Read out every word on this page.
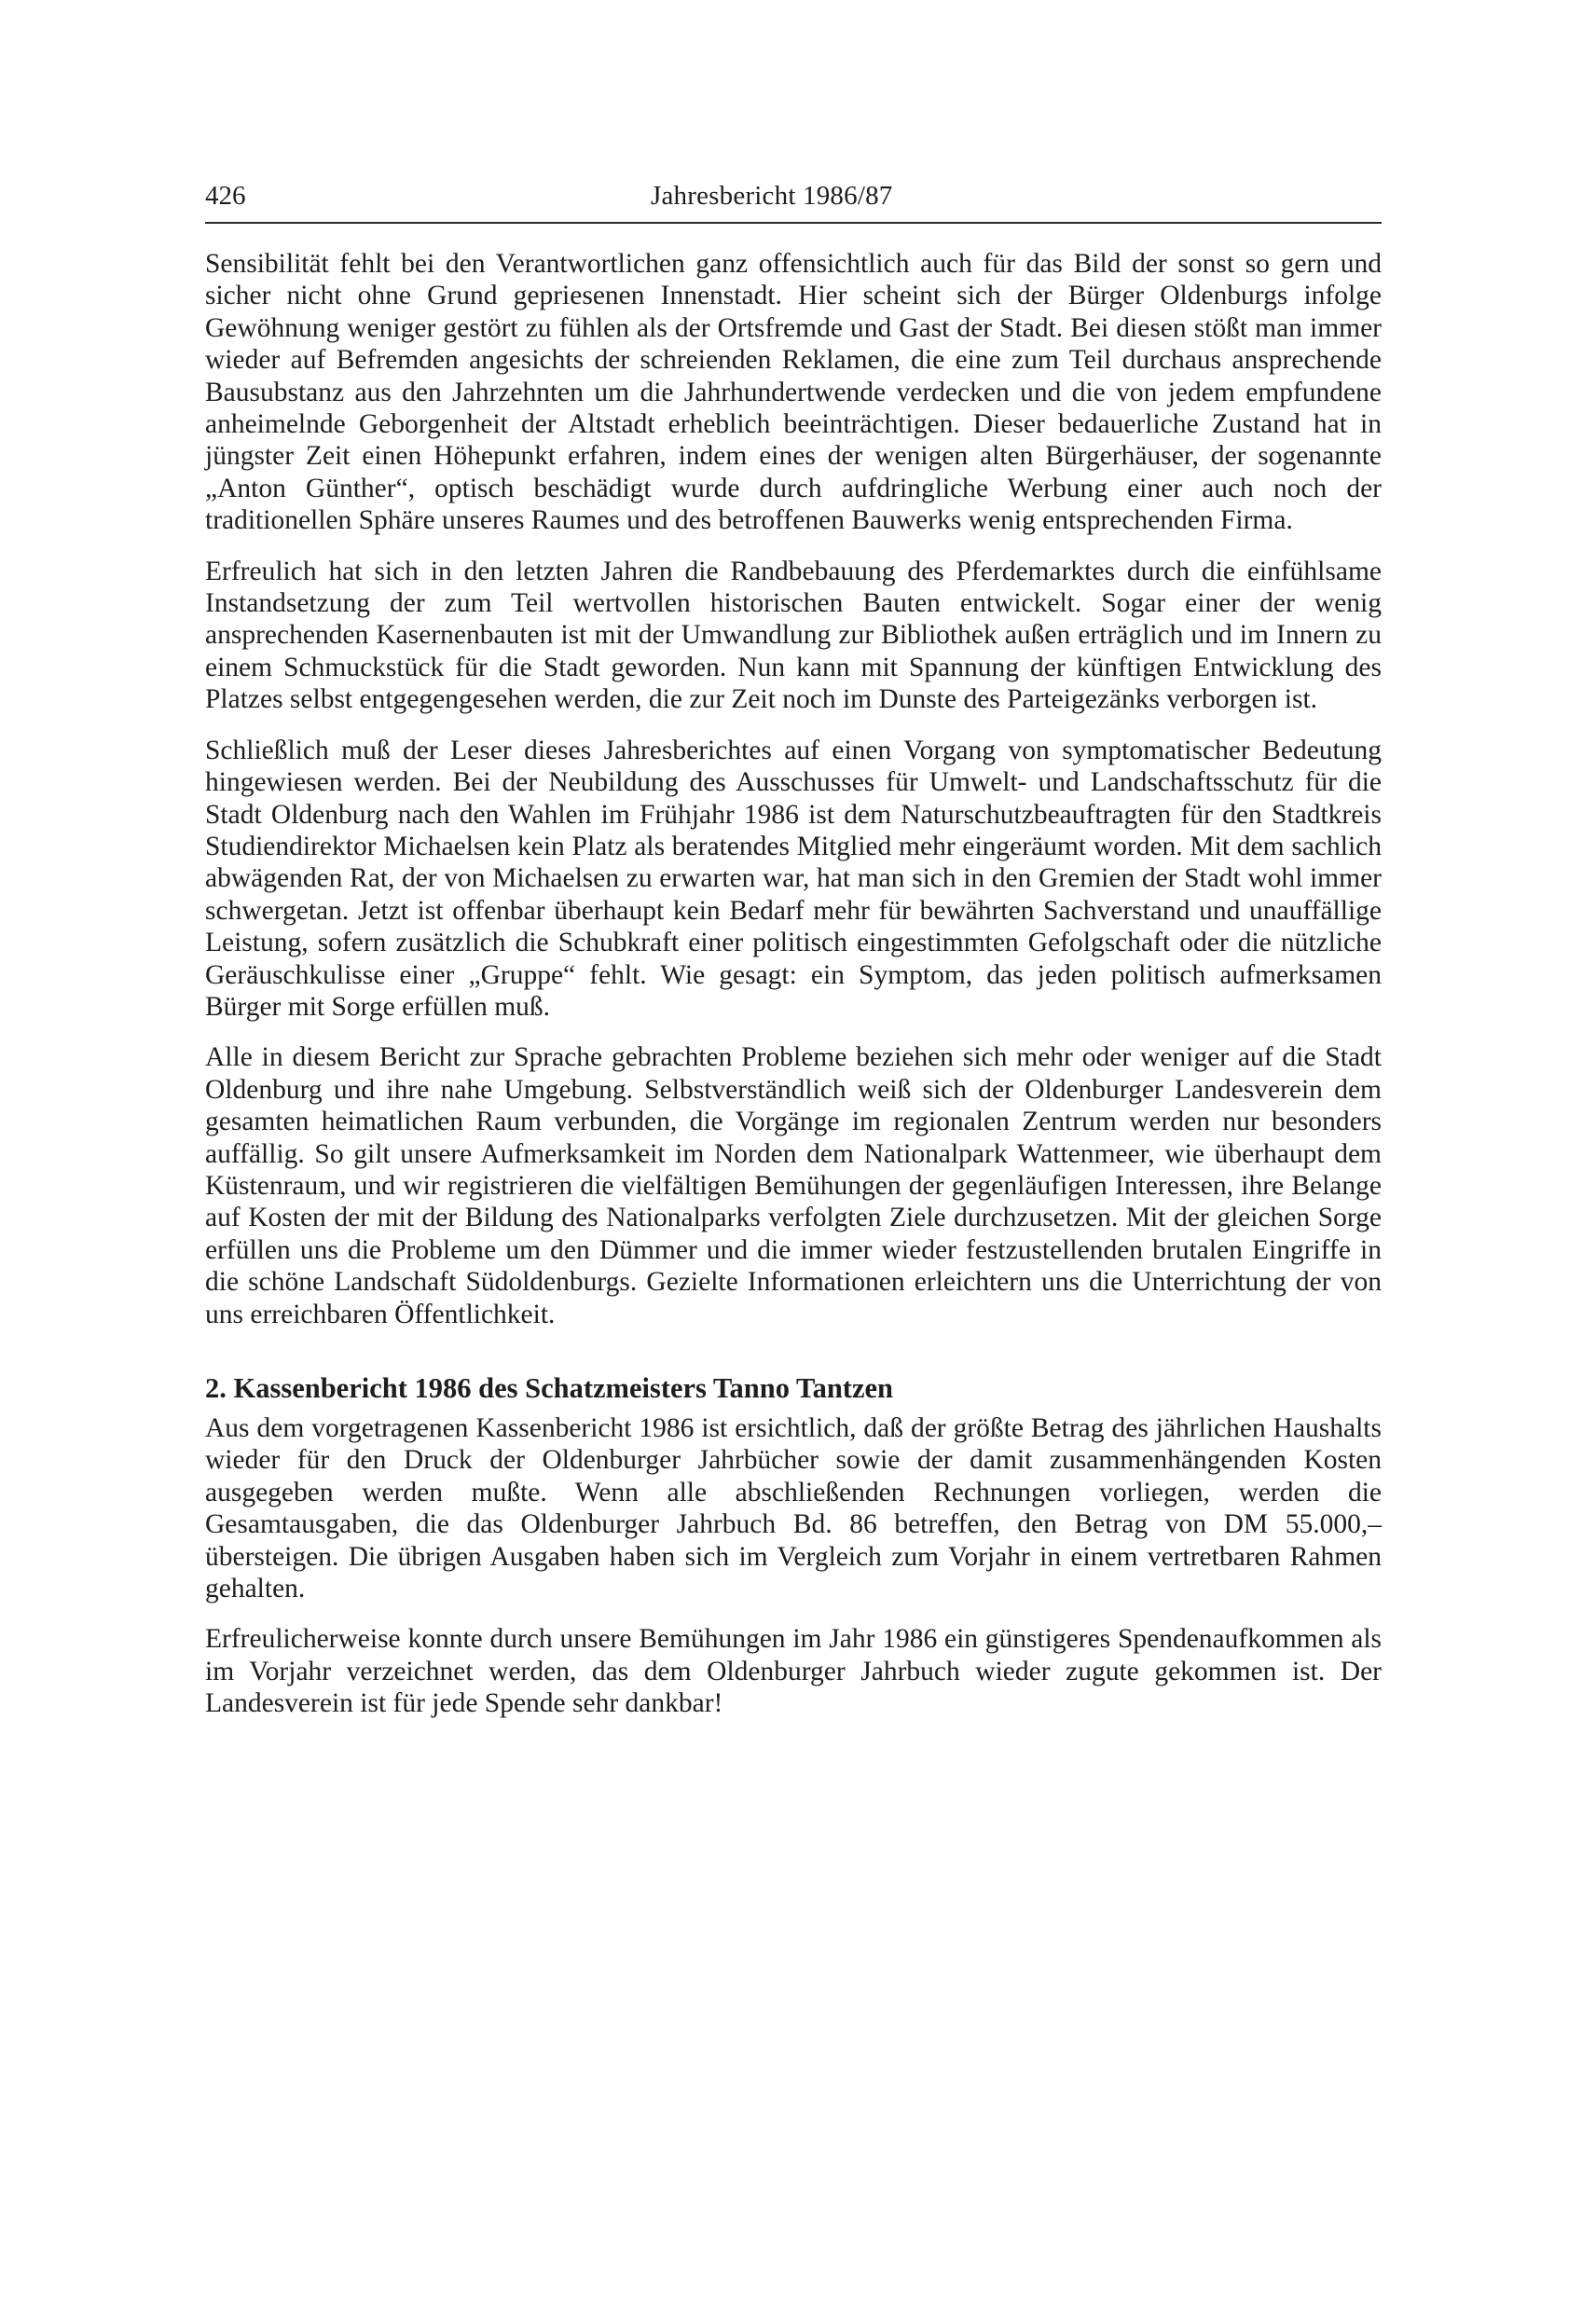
426	Jahresbericht 1986/87

Sensibilität fehlt bei den Verantwortlichen ganz offensichtlich auch für das Bild der sonst so gern und sicher nicht ohne Grund gepriesenen Innenstadt. Hier scheint sich der Bürger Oldenburgs infolge Gewöhnung weniger gestört zu fühlen als der Ortsfremde und Gast der Stadt. Bei diesen stößt man immer wieder auf Befremden angesichts der schreienden Reklamen, die eine zum Teil durchaus ansprechende Bausubstanz aus den Jahrzehnten um die Jahrhundertwende verdecken und die von jedem empfundene anheimelnde Geborgenheit der Altstadt erheblich beeinträchtigen. Dieser bedauerliche Zustand hat in jüngster Zeit einen Höhepunkt erfahren, indem eines der wenigen alten Bürgerhäuser, der sogenannte „Anton Günther“, optisch beschädigt wurde durch aufdringliche Werbung einer auch noch der traditionellen Sphäre unseres Raumes und des betroffenen Bauwerks wenig entsprechenden Firma.

Erfreulich hat sich in den letzten Jahren die Randbebauung des Pferdemarktes durch die einfühlsame Instandsetzung der zum Teil wertvollen historischen Bauten entwickelt. Sogar einer der wenig ansprechenden Kasernenbauten ist mit der Umwandlung zur Bibliothek außen erträglich und im Innern zu einem Schmuckstück für die Stadt geworden. Nun kann mit Spannung der künftigen Entwicklung des Platzes selbst entgegengesehen werden, die zur Zeit noch im Dunste des Parteigezänks verborgen ist.

Schließlich muß der Leser dieses Jahresberichtes auf einen Vorgang von symptomatischer Bedeutung hingewiesen werden. Bei der Neubildung des Ausschusses für Umwelt- und Landschaftsschutz für die Stadt Oldenburg nach den Wahlen im Frühjahr 1986 ist dem Naturschutzbeauftragten für den Stadtkreis Studiendirektor Michaelsen kein Platz als beratendes Mitglied mehr eingeräumt worden. Mit dem sachlich abwägenden Rat, der von Michaelsen zu erwarten war, hat man sich in den Gremien der Stadt wohl immer schwergetan. Jetzt ist offenbar überhaupt kein Bedarf mehr für bewährten Sachverstand und unauffällige Leistung, sofern zusätzlich die Schubkraft einer politisch eingestimmten Gefolgschaft oder die nützliche Geräuschkulisse einer „Gruppe“ fehlt. Wie gesagt: ein Symptom, das jeden politisch aufmerksamen Bürger mit Sorge erfüllen muß.

Alle in diesem Bericht zur Sprache gebrachten Probleme beziehen sich mehr oder weniger auf die Stadt Oldenburg und ihre nahe Umgebung. Selbstverständlich weiß sich der Oldenburger Landesverein dem gesamten heimatlichen Raum verbunden, die Vorgänge im regionalen Zentrum werden nur besonders auffällig. So gilt unsere Aufmerksamkeit im Norden dem Nationalpark Wattenmeer, wie überhaupt dem Küstenraum, und wir registrieren die vielfältigen Bemühungen der gegenläufigen Interessen, ihre Belange auf Kosten der mit der Bildung des Nationalparks verfolgten Ziele durchzusetzen. Mit der gleichen Sorge erfüllen uns die Probleme um den Dümmer und die immer wieder festzustellenden brutalen Eingriffe in die schöne Landschaft Südoldenburgs. Gezielte Informationen erleichtern uns die Unterrichtung der von uns erreichbaren Öffentlichkeit.

2. Kassenbericht 1986 des Schatzmeisters Tanno Tantzen

Aus dem vorgetragenen Kassenbericht 1986 ist ersichtlich, daß der größte Betrag des jährlichen Haushalts wieder für den Druck der Oldenburger Jahrbücher sowie der damit zusammenhängenden Kosten ausgegeben werden mußte. Wenn alle abschließenden Rechnungen vorliegen, werden die Gesamtausgaben, die das Oldenburger Jahrbuch Bd. 86 betreffen, den Betrag von DM 55.000,– übersteigen. Die übrigen Ausgaben haben sich im Vergleich zum Vorjahr in einem vertretbaren Rahmen gehalten.

Erfreulicherweise konnte durch unsere Bemühungen im Jahr 1986 ein günstigeres Spendenaufkommen als im Vorjahr verzeichnet werden, das dem Oldenburger Jahrbuch wieder zugute gekommen ist. Der Landesverein ist für jede Spende sehr dankbar!
